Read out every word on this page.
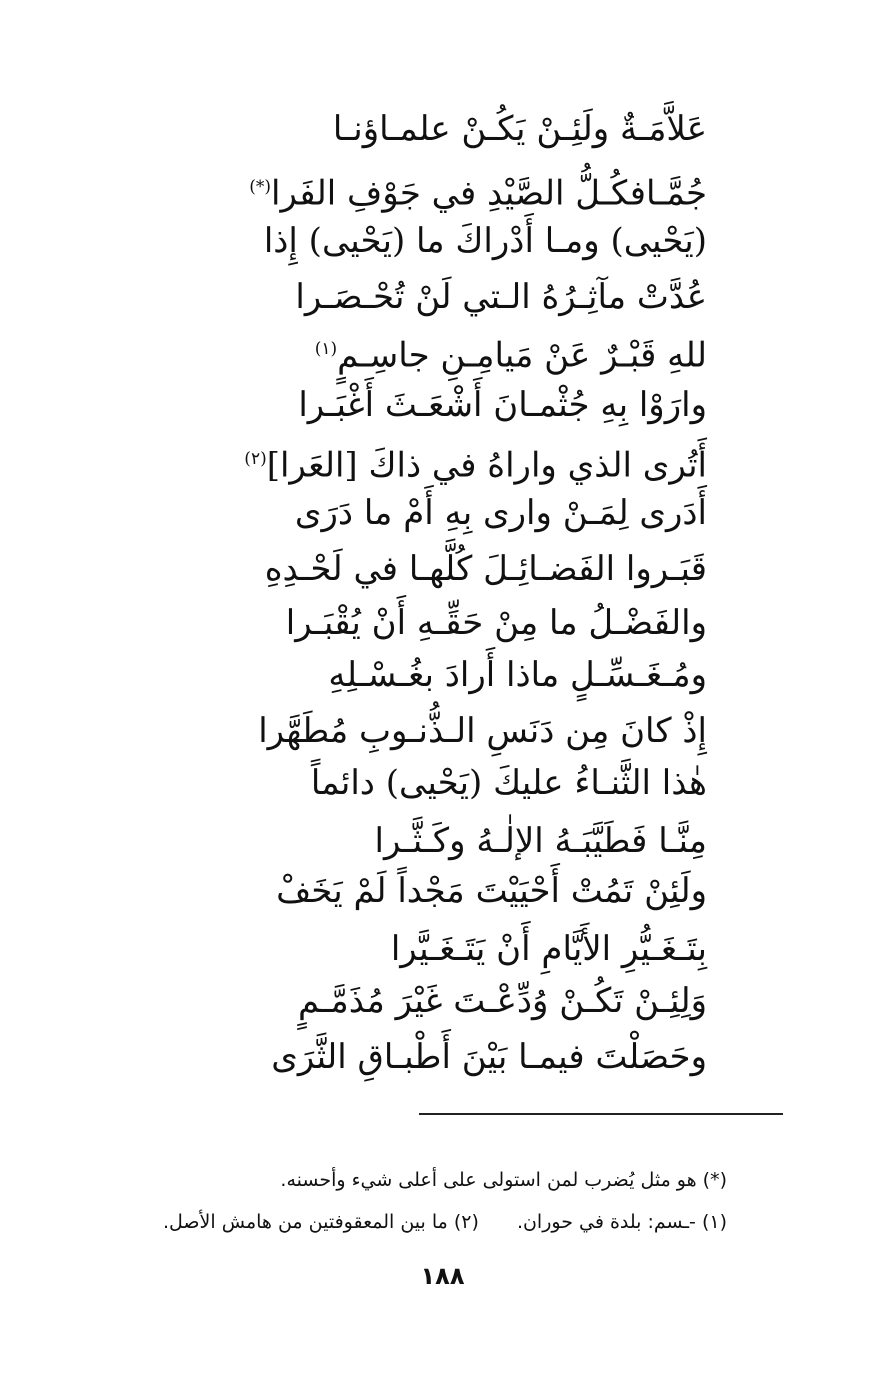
عَلاَّمَـةٌ ولَئِـنْ يَكُـنْ علمـاؤنـا
جُمَّـافكُـلُّ الصَّيْدِ في جَوْفِ الفَرا(*)
(يَحْيى) ومـا أَدْراكَ ما (يَحْيى) إِذا
عُدَّتْ مآثِـرُهُ الـتي لَنْ تُحْـصَـرا
للهِ قَبْـرٌ عَنْ مَيامِـنِ جاسِـمٍ$^{(١)}$
وارَوْا بِهِ جُثْمـانَ أَشْعَـثَ أَغْبَـرا
أَتُرى الذي واراهُ في ذاكَ [العَرا]$^{(٢)}$
أَدَرى لِمَـنْ وارى بِهِ أَمْ ما دَرَى
قَبَـروا الفَضـائِـلَ كُلَّهـا في لَحْـدِهِ
والفَضْـلُ ما مِنْ حَقِّـهِ أَنْ يُقْبَـرا
ومُـغَـسِّـلٍ ماذا أَرادَ بغُـسْـلِهِ
إِذْ كانَ مِن دَنَسِ الـذُّنـوبِ مُطَهَّرا
هٰذا الثَّنـاءُ عليكَ (يَحْيى) دائماً
مِنَّـا فَطَيَّبَـهُ الإلٰـهُ وكَـثَّـرا
ولَئِنْ تَمُتْ أَحْيَيْتَ مَجْداً لَمْ يَخَفْ
بِتَـغَـيُّرِ الأَيَّامِ أَنْ يَتَـغَـيَّرا
وَلِئِـنْ تَكُـنْ وُدِّعْـتَ غَيْرَ مُذَمَّـمٍ
وحَصَلْتَ فيمـا بَيْنَ أَطْبـاقِ الثَّرَى
(*) هو مثل يُضرب لمن استولى على أعلى شيء وأحسنه.
(١) -ـسم: بلدة في حوران.
(٢) ما بين المعقوفتين من هامش الأصل.
١٨٨
